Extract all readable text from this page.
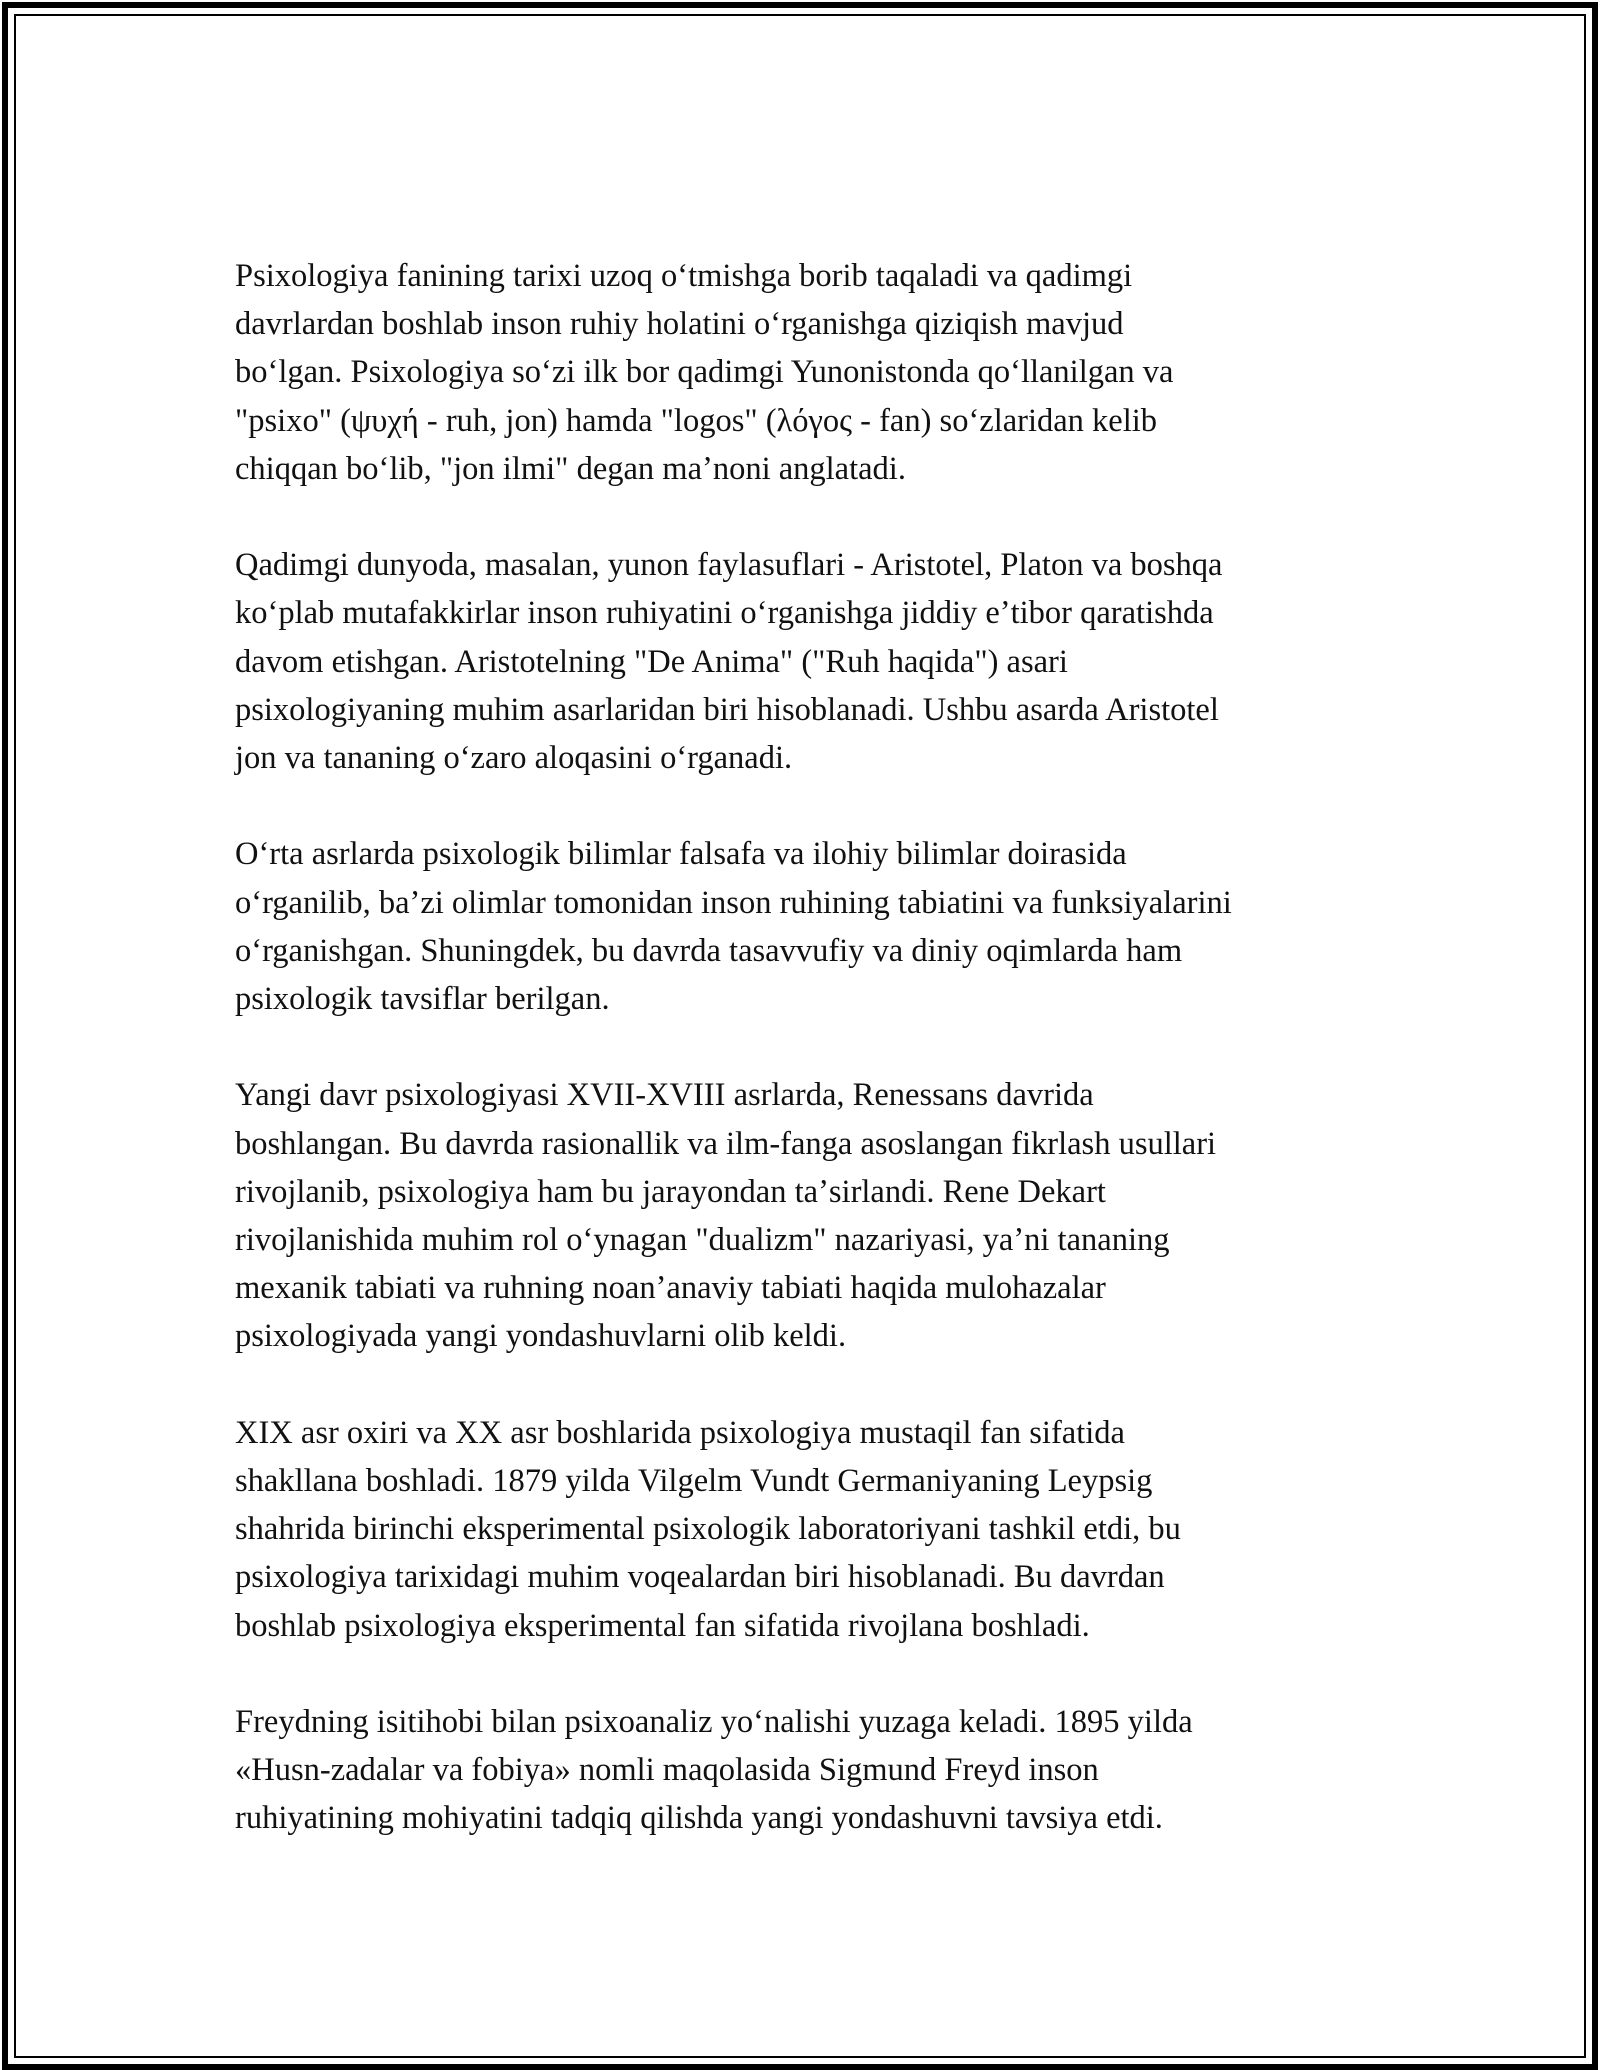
Psixologiya fanining tarixi uzoq oʻtmishga borib taqaladi va qadimgi
davrlardan boshlab inson ruhiy holatini oʻrganishga qiziqish mavjud
boʻlgan. Psixologiya soʻzi ilk bor qadimgi Yunonistonda qoʻllanilgan va
"psixo" (ψυχή - ruh, jon) hamda "logos" (λόγος - fan) soʻzlaridan kelib
chiqqan boʻlib, "jon ilmi" degan maʼnoni anglatadi.
Qadimgi dunyoda, masalan, yunon faylasuflari - Aristotel, Platon va boshqa
koʻplab mutafakkirlar inson ruhiyatini oʻrganishga jiddiy eʼtibor qaratishda
davom etishgan. Aristotelning "De Anima" ("Ruh haqida") asari
psixologiyaning muhim asarlaridan biri hisoblanadi. Ushbu asarda Aristotel
jon va tananing oʻzaro aloqasini oʻrganadi.
Oʻrta asrlarda psixologik bilimlar falsafa va ilohiy bilimlar doirasida
oʻrganilib, baʼzi olimlar tomonidan inson ruhining tabiatini va funksiyalarini
oʻrganishgan. Shuningdek, bu davrda tasavvufiy va diniy oqimlarda ham
psixologik tavsiflar berilgan.
Yangi davr psixologiyasi XVII-XVIII asrlarda, Renessans davrida
boshlangan. Bu davrda rasionallik va ilm-fanga asoslangan fikrlash usullari
rivojlanib, psixologiya ham bu jarayondan taʼsirlandi. Rene Dekart
rivojlanishida muhim rol oʻynagan "dualizm" nazariyasi, yaʼni tananing
mexanik tabiati va ruhning noanʼanaviy tabiati haqida mulohazalar
psixologiyada yangi yondashuvlarni olib keldi.
XIX asr oxiri va XX asr boshlarida psixologiya mustaqil fan sifatida
shakllana boshladi. 1879 yilda Vilgelm Vundt Germaniyaning Leypsig
shahrida birinchi eksperimental psixologik laboratoriyani tashkil etdi, bu
psixologiya tarixidagi muhim voqealardan biri hisoblanadi. Bu davrdan
boshlab psixologiya eksperimental fan sifatida rivojlana boshladi.
Freydning isitihobi bilan psixoanaliz yoʻnalishi yuzaga keladi. 1895 yilda
«Husn-zadalar va fobiya» nomli maqolasida Sigmund Freyd inson
ruhiyatining mohiyatini tadqiq qilishda yangi yondashuvni tavsiya etdi.
